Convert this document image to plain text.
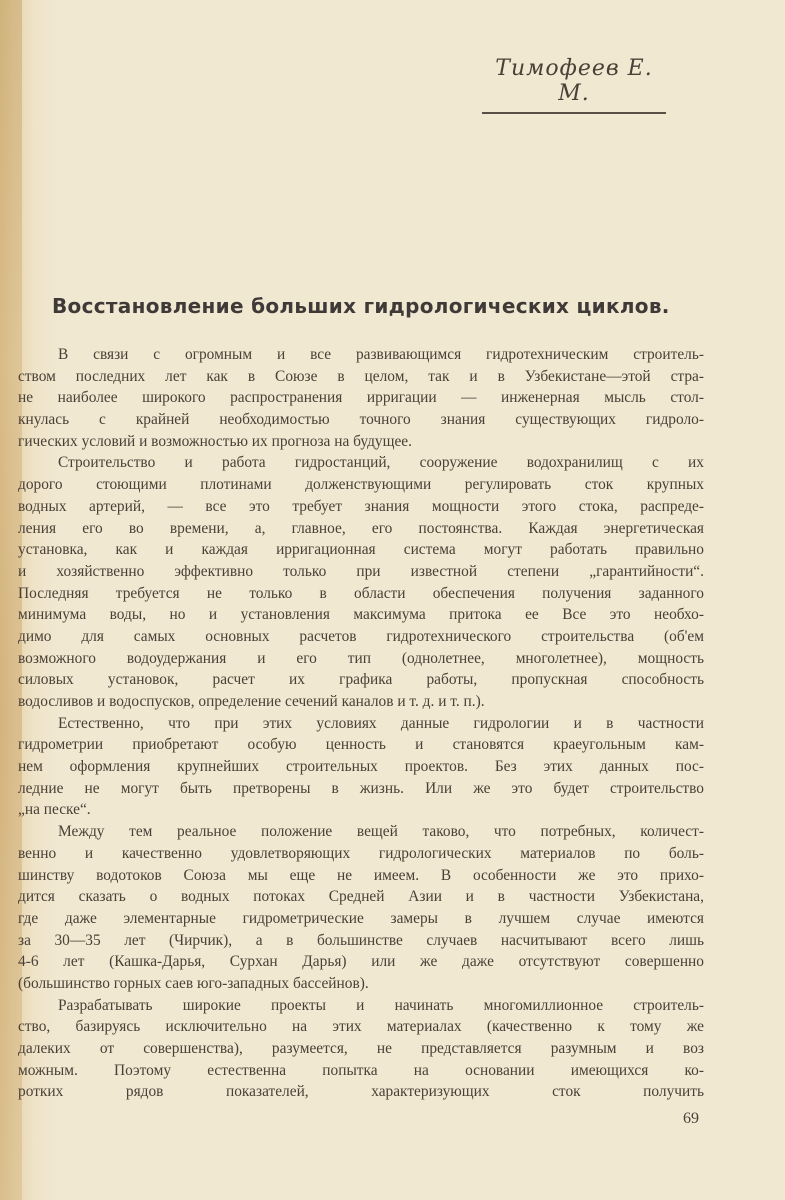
Тимофеев Е. М.
Восстановление больших гидрологических циклов.
В связи с огромным и все развивающимся гидротехническим строитель-
ством последних лет как в Союзе в целом, так и в Узбекистане—этой стра-
не наиболее широкого распространения ирригации — инженерная мысль стол-
кнулась с крайней необходимостью точного знания существующих гидроло-
гических условий и возможностью их прогноза на будущее.
Строительство и работа гидростанций, сооружение водохранилищ с их
дорого стоющими плотинами долженствующими регулировать сток крупных
водных артерий, — все это требует знания мощности этого стока, распреде-
ления его во времени, а, главное, его постоянства. Каждая энергетическая
установка, как и каждая ирригационная система могут работать правильно
и хозяйственно эффективно только при известной степени „гарантийности“.
Последняя требуется не только в области обеспечения получения заданного
минимума воды, но и установления максимума притока ее Все это необхо-
димо для самых основных расчетов гидротехнического строительства (об'ем
возможного водоудержания и его тип (однолетнее, многолетнее), мощность
силовых установок, расчет их графика работы, пропускная способность
водосливов и водоспусков, определение сечений каналов и т. д. и т. п.).
Естественно, что при этих условиях данные гидрологии и в частности
гидрометрии приобретают особую ценность и становятся краеугольным кам-
нем оформления крупнейших строительных проектов. Без этих данных пос-
ледние не могут быть претворены в жизнь. Или же это будет строительство
„на песке“.
Между тем реальное положение вещей таково, что потребных, количест-
венно и качественно удовлетворяющих гидрологических материалов по боль-
шинству водотоков Союза мы еще не имеем. В особенности же это прихо-
дится сказать о водных потоках Средней Азии и в частности Узбекистана,
где даже элементарные гидрометрические замеры в лучшем случае имеются
за 30—35 лет (Чирчик), а в большинстве случаев насчитывают всего лишь
4-6 лет (Кашка-Дарья, Сурхан Дарья) или же даже отсутствуют совершенно
(большинство горных саев юго-западных бассейнов).
Разрабатывать широкие проекты и начинать многомиллионное строитель-
ство, базируясь исключительно на этих материалах (качественно к тому же
далеких от совершенства), разумеется, не представляется разумным и воз
можным. Поэтому естественна попытка на основании имеющихся ко-
ротких рядов показателей, характеризующих сток получить
69
